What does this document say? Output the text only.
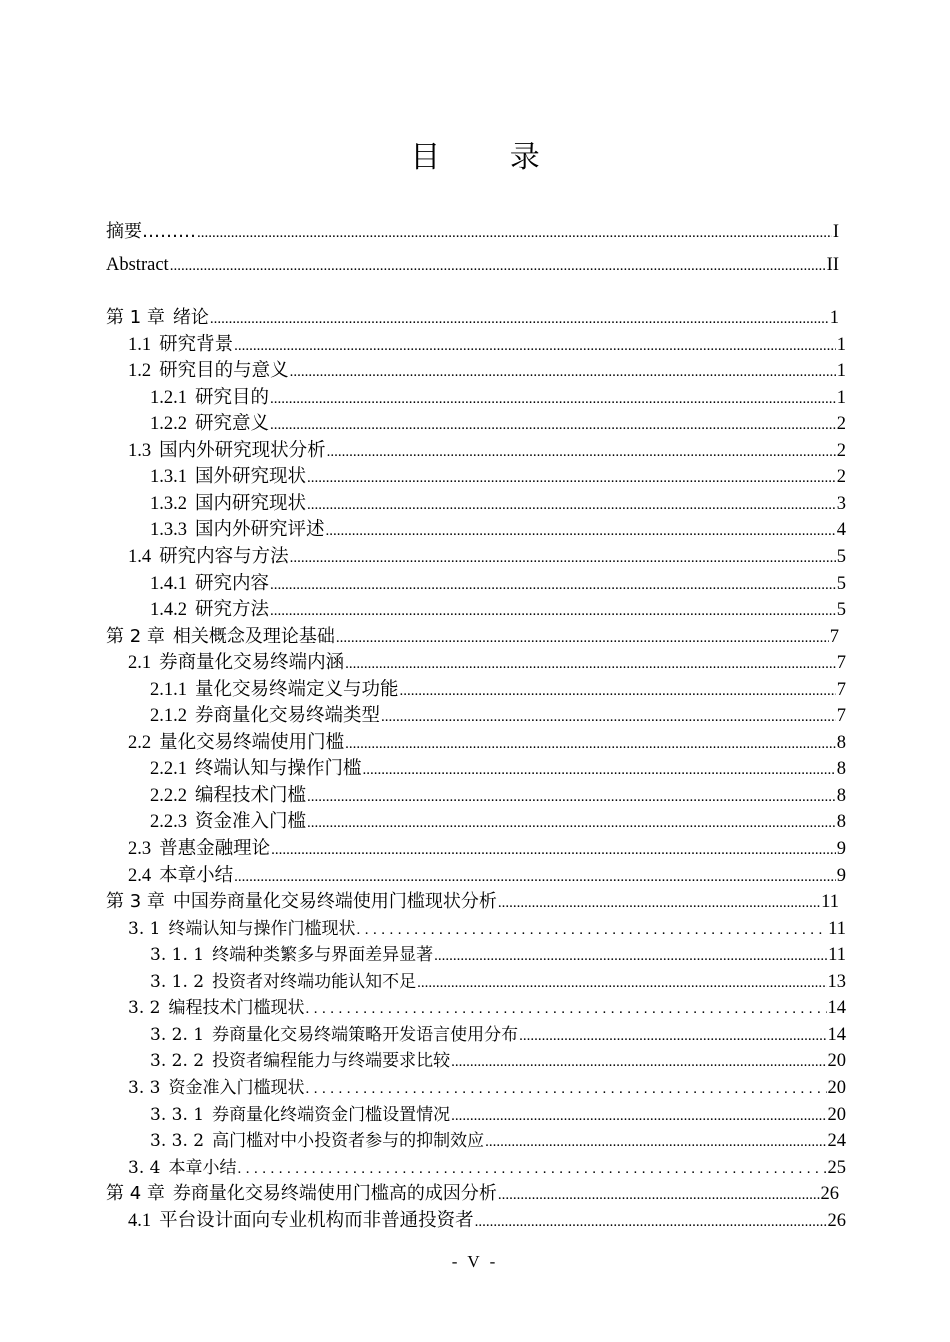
目 录
摘要……… .....	I
Abstract .....	II
第 1 章 绪论 .....	1
1.1 研究背景 .....	1
1.2 研究目的与意义 .....	1
1.2.1 研究目的 .....	1
1.2.2 研究意义 .....	2
1.3 国内外研究现状分析 .....	2
1.3.1 国外研究现状 .....	2
1.3.2 国内研究现状 .....	3
1.3.3 国内外研究评述 .....	4
1.4 研究内容与方法 .....	5
1.4.1 研究内容 .....	5
1.4.2 研究方法 .....	5
第 2 章 相关概念及理论基础 .....	7
2.1 券商量化交易终端内涵 .....	7
2.1.1 量化交易终端定义与功能 .....	7
2.1.2 券商量化交易终端类型 .....	7
2.2 量化交易终端使用门槛 .....	8
2.2.1 终端认知与操作门槛 .....	8
2.2.2 编程技术门槛 .....	8
2.2.3 资金准入门槛 .....	8
2.3 普惠金融理论 .....	9
2.4 本章小结 .....	9
第 3 章 中国券商量化交易终端使用门槛现状分析 .....	11
3. 1 终端认知与操作门槛现状 .....	11
3. 1. 1 终端种类繁多与界面差异显著 .....	11
3. 1. 2 投资者对终端功能认知不足 .....	13
3. 2 编程技术门槛现状 .....	14
3. 2. 1 券商量化交易终端策略开发语言使用分布 .....	14
3. 2. 2 投资者编程能力与终端要求比较 .....	20
3. 3 资金准入门槛现状 .....	20
3. 3. 1 券商量化终端资金门槛设置情况 .....	20
3. 3. 2 高门槛对中小投资者参与的抑制效应 .....	24
3. 4 本章小结 .....	25
第 4 章 券商量化交易终端使用门槛高的成因分析 .....	26
4.1 平台设计面向专业机构而非普通投资者 .....	26
- V -
